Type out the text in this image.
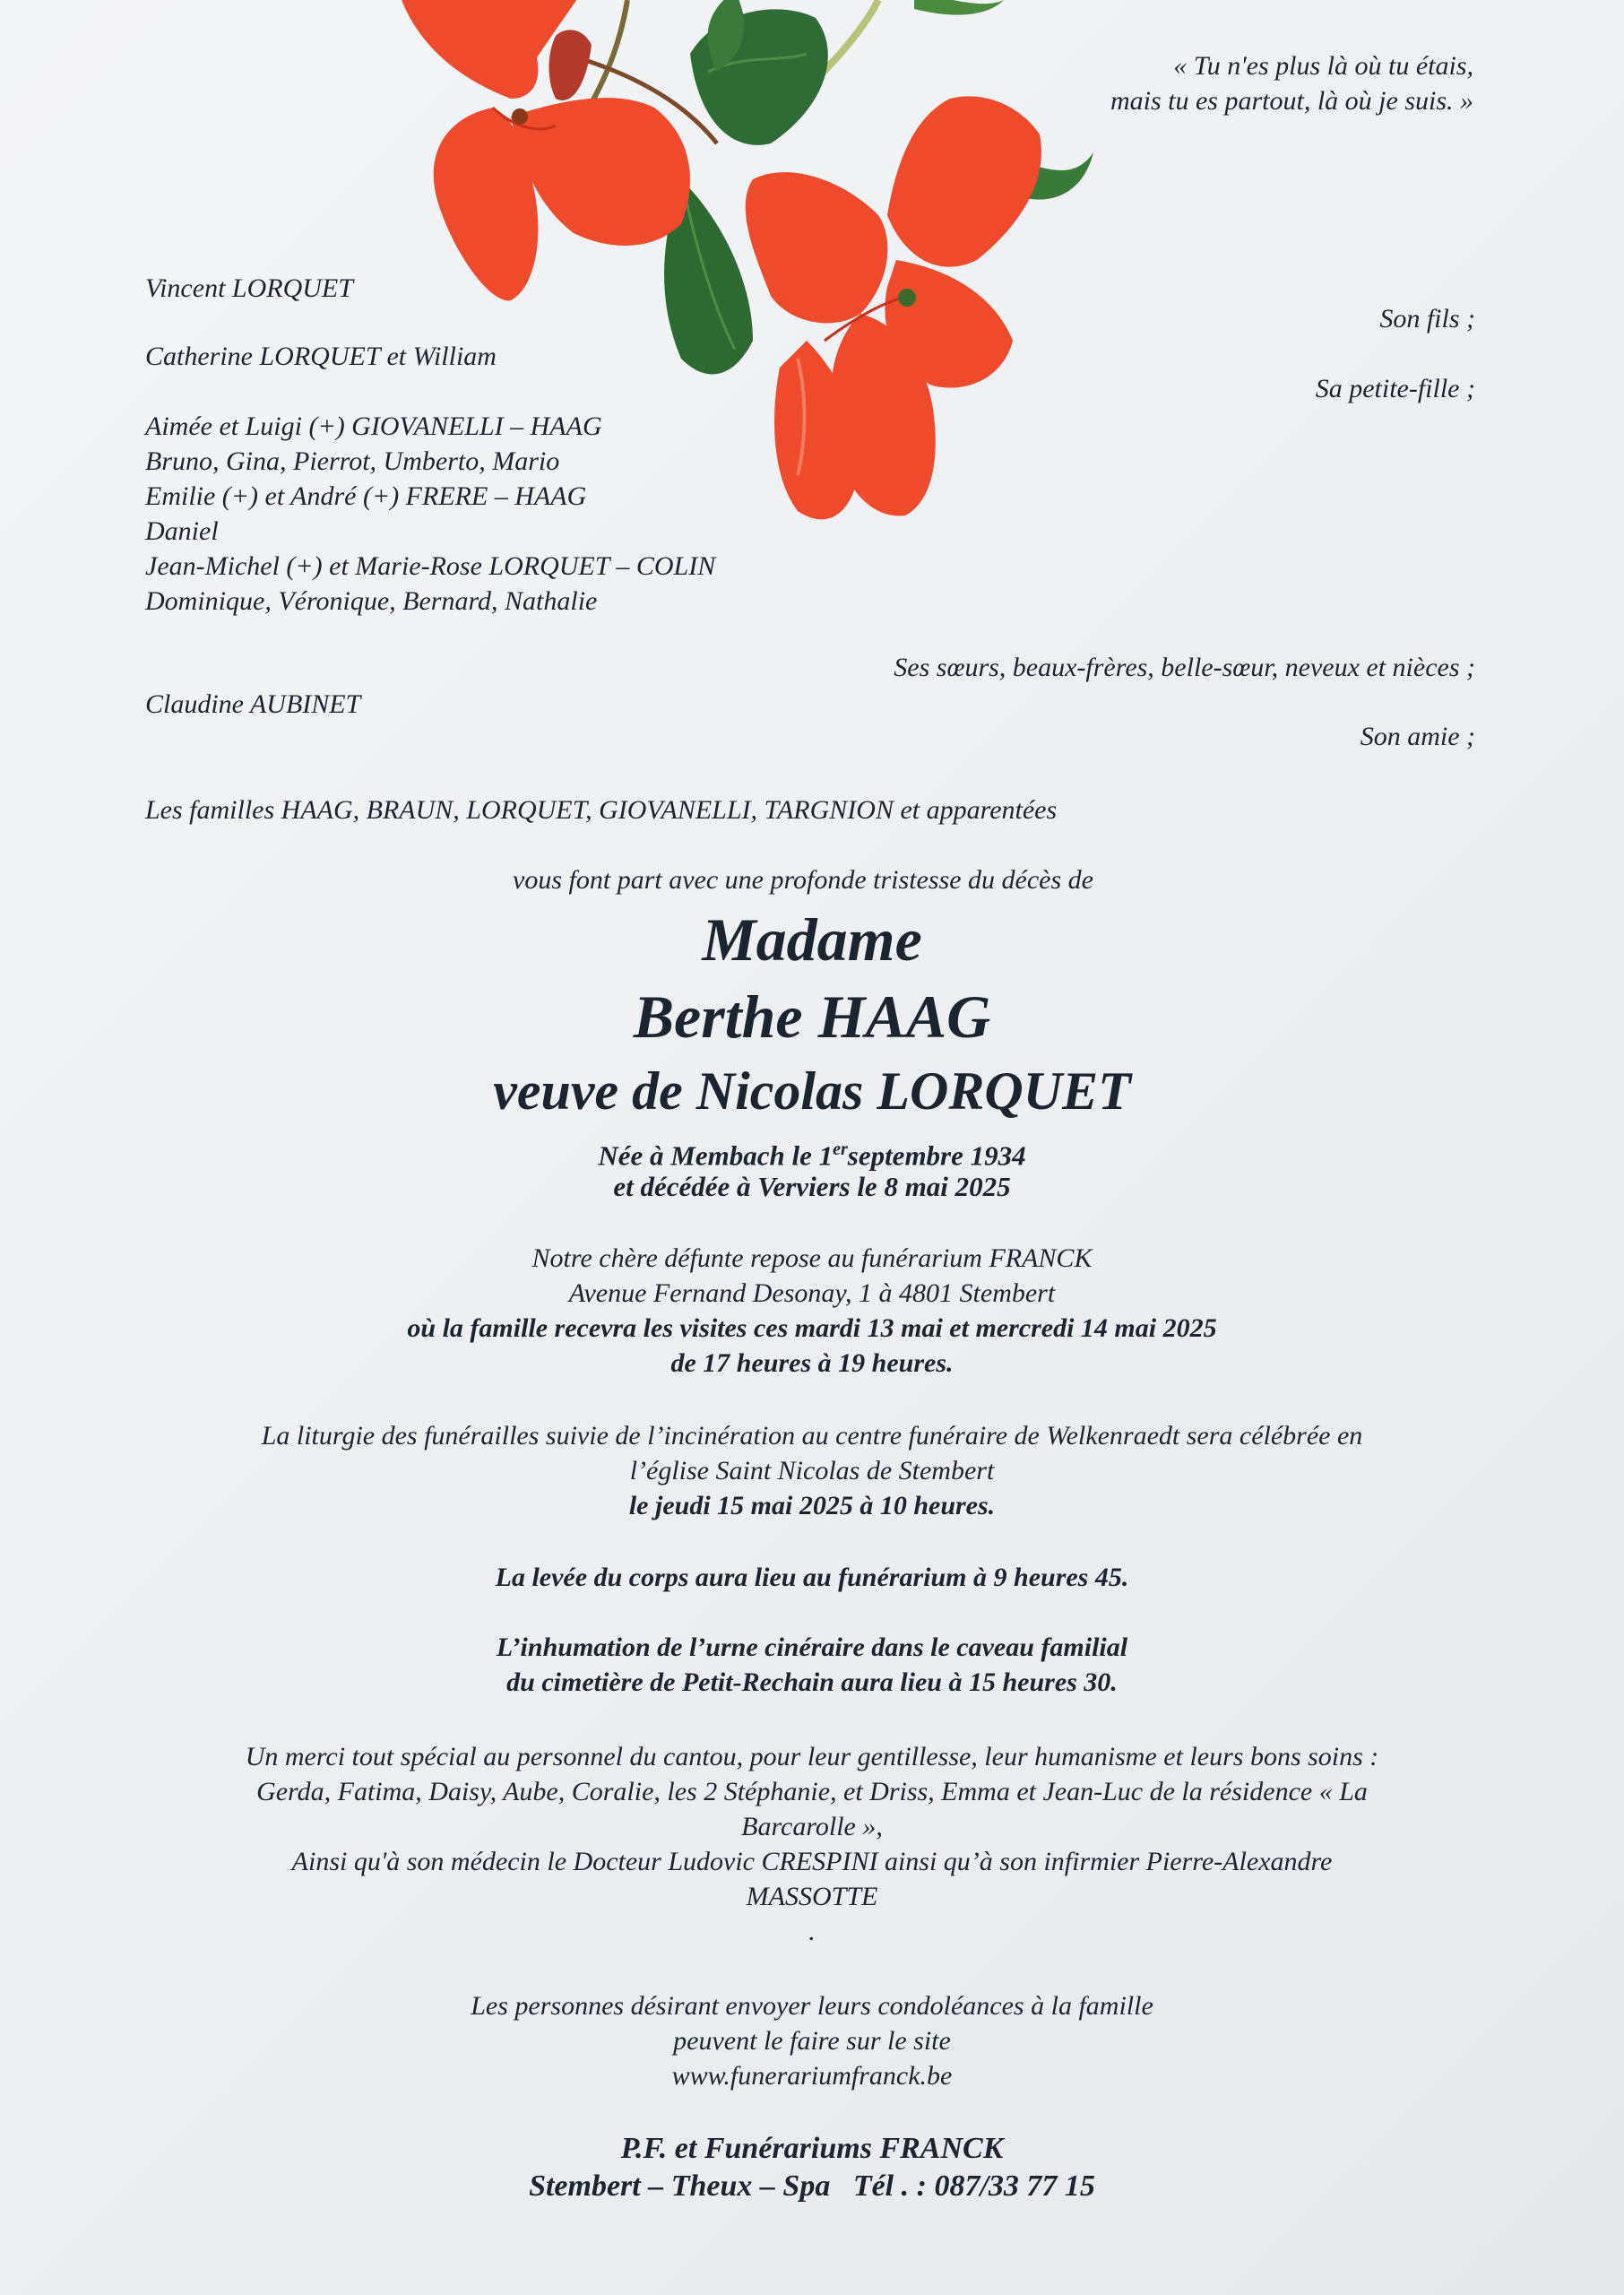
« Tu n'es plus là où tu étais,
mais tu es partout, là où je suis. »
Vincent LORQUET
Son fils ;
Catherine LORQUET et William
Sa petite-fille ;
Aimée et Luigi (+) GIOVANELLI – HAAG
Bruno, Gina, Pierrot, Umberto, Mario
Emilie (+) et André (+) FRERE – HAAG
Daniel
Jean-Michel (+) et Marie-Rose LORQUET – COLIN
Dominique, Véronique, Bernard, Nathalie
Ses sœurs, beaux-frères, belle-sœur, neveux et nièces ;
Claudine AUBINET
Son amie ;
Les familles HAAG, BRAUN, LORQUET, GIOVANELLI, TARGNION et apparentées
vous font part avec une profonde tristesse du décès de
Madame
Berthe HAAG
veuve de Nicolas LORQUET
Née à Membach le 1erseptembre 1934
et décédée à Verviers le 8 mai 2025
Notre chère défunte repose au funérarium FRANCK
Avenue Fernand Desonay, 1 à 4801 Stembert
où la famille recevra les visites ces mardi 13 mai et mercredi 14 mai 2025
de 17 heures à 19 heures.
La liturgie des funérailles suivie de l’incinération au centre funéraire de Welkenraedt sera célébrée en
l’église Saint Nicolas de Stembert
le jeudi 15 mai 2025 à 10 heures.
La levée du corps aura lieu au funérarium à 9 heures 45.
L’inhumation de l’urne cinéraire dans le caveau familial
du cimetière de Petit-Rechain aura lieu à 15 heures 30.
Un merci tout spécial au personnel du cantou, pour leur gentillesse, leur humanisme et leurs bons soins :
Gerda, Fatima, Daisy, Aube, Coralie, les 2 Stéphanie, et Driss, Emma et Jean-Luc de la résidence « La
Barcarolle »,
Ainsi qu'à son médecin le Docteur Ludovic CRESPINI ainsi qu’à son infirmier Pierre-Alexandre
MASSOTTE
.
Les personnes désirant envoyer leurs condoléances à la famille
peuvent le faire sur le site
www.funerariumfranck.be
P.F. et Funérariums FRANCK
Stembert – Theux – Spa   Tél . : 087/33 77 15
